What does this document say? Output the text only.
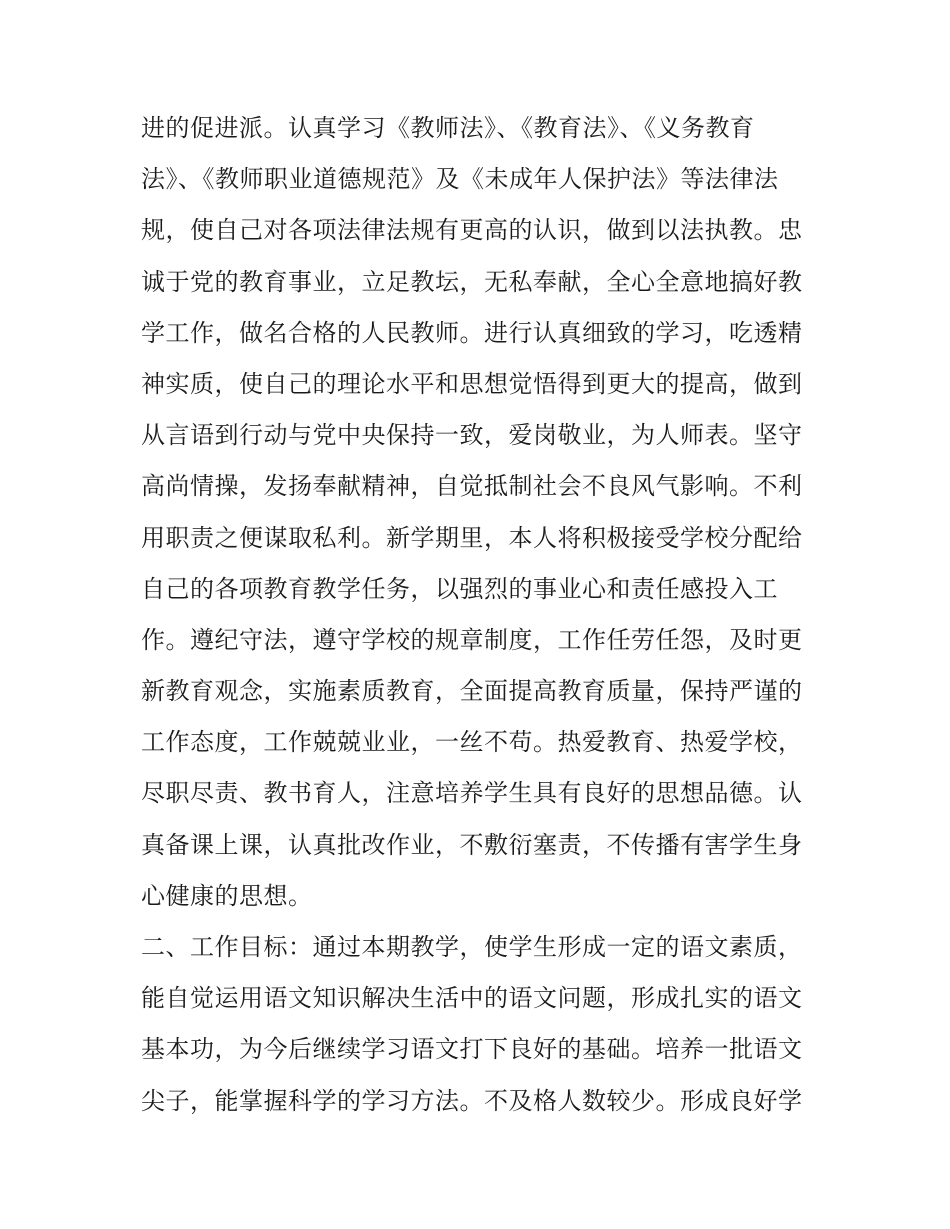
进的促进派。认真学习《教师法》、《教育法》、《义务教育
法》、《教师职业道德规范》及《未成年人保护法》等法律法
规，使自己对各项法律法规有更高的认识，做到以法执教。忠
诚于党的教育事业，立足教坛，无私奉献，全心全意地搞好教
学工作，做名合格的人民教师。进行认真细致的学习，吃透精
神实质，使自己的理论水平和思想觉悟得到更大的提高，做到
从言语到行动与党中央保持一致，爱岗敬业，为人师表。坚守
高尚情操，发扬奉献精神，自觉抵制社会不良风气影响。不利
用职责之便谋取私利。新学期里，本人将积极接受学校分配给
自己的各项教育教学任务，以强烈的事业心和责任感投入工
作。遵纪守法，遵守学校的规章制度，工作任劳任怨，及时更
新教育观念，实施素质教育，全面提高教育质量，保持严谨的
工作态度，工作兢兢业业，一丝不苟。热爱教育、热爱学校，
尽职尽责、教书育人，注意培养学生具有良好的思想品德。认
真备课上课，认真批改作业，不敷衍塞责，不传播有害学生身
心健康的思想。
二、工作目标：通过本期教学，使学生形成一定的语文素质，
能自觉运用语文知识解决生活中的语文问题，形成扎实的语文
基本功，为今后继续学习语文打下良好的基础。培养一批语文
尖子，能掌握科学的学习方法。不及格人数较少。形成良好学
